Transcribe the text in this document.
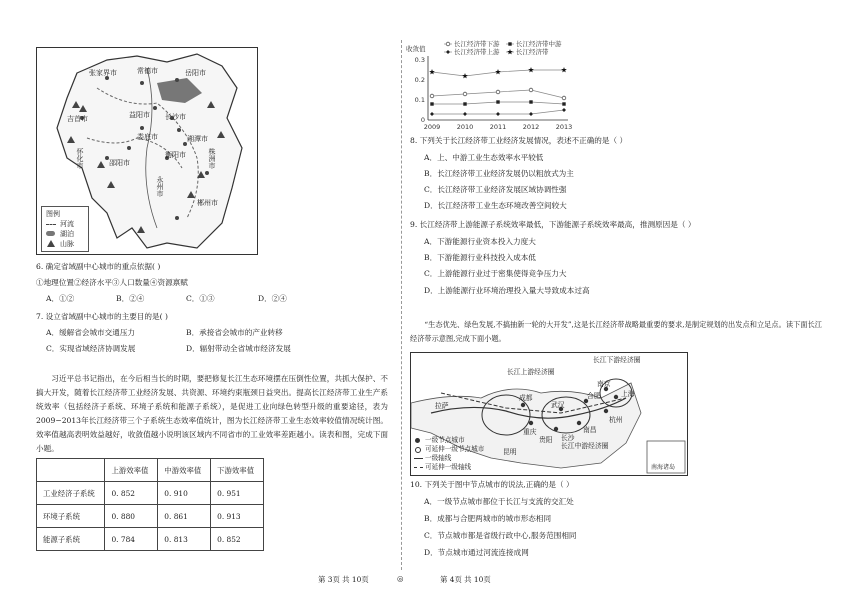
张家界市	常德市	岳阳市
益阳市 长沙市
吉首市
娄底市	湘潭市
怀化市	邵阳市
衡阳市	株洲市
永州市
郴州市
图例
河流
湖泊
山脉
6. 确定省域副中心城市的重点依据( )
①地理位置②经济水平③人口数量④资源禀赋
A．①②	B．②④	C．①③	D．②④
7. 设立省域副中心城市的主要目的是( )
A．缓解省会城市交通压力	B．承接省会城市的产业转移
C．实现省域经济协调发展	D．辐射带动全省城市经济发展
习近平总书记指出，在今后相当长的时期，要把修复长江生态环境摆在压倒性位置，共抓大保护、不搞大开发，随着长江经济带工业经济发展、共资源、环境约束瓶颈日益突出。提高长江经济带工业生产系统效率（包括经济子系统、环境子系统和能源子系统），是促进工业向绿色转型升级的重要途径，表为2009−2013年长江经济带三个子系统生态效率值统计，图为长江经济带工业生态效率较值情况统计图。效率值越高表明效益越好，收敛值越小说明该区域内不同省市的工业效率差距越小。读表和图，完成下面小题。
	上游效率值	中游效率值	下游效率值
工业经济子系统	0. 852	0. 910	0. 951
环境子系统	0. 880	0. 861	0. 913
能源子系统	0. 784	0. 813	0. 852
第 3页 共 10页	◎
收敛值
0
0.1
0.2
0.3
2009	2010	2011	2012	2013
长江经济带下游	长江经济带中游
长江经济带上游	长江经济带
8. 下列关于长江经济带工业经济发展情况，表述不正确的是（ ）
A．上、中游工业生态效率水平较低
B．长江经济带工业经济发展仍以粗放式为主
C．长江经济带工业经济发展区域协调性强
D．长江经济带工业生态环境改善空间较大
9. 长江经济带上游能源子系统效率最低，下游能源子系统效率最高，推测原因是（ ）
A．下游能源行业资本投入力度大
B．下游能源行业科技投入成本低
C．上游能源行业过于密集使得竞争压力大
D．上游能源行业环境治理投入量大导致成本过高
“生态优先、绿色发展,不搞抽新一轮的大开发”,这是长江经济带战略最重要的要求,是制定规划的出发点和立足点。读下面长江经济带示意图,完成下面小题。
长江上游经济圈
长江下游经济圈
长江中游经济圈
拉萨
成都
重庆
武汉
合肥
南京
上海
杭州
南昌
长沙
贵阳
昆明
一级节点城市
可延伸一级节点城市
一级轴线
可延伸一级轴线	南海诸岛
10. 下列关于图中节点城市的说法,正确的是（ ）
A．一级节点城市都位于长江与支流的交汇处
B．成都与合肥两城市的城市形态相同
C．节点城市都是省级行政中心,服务范围相同
D．节点城市通过河流连接成网
第 4页 共 10页
